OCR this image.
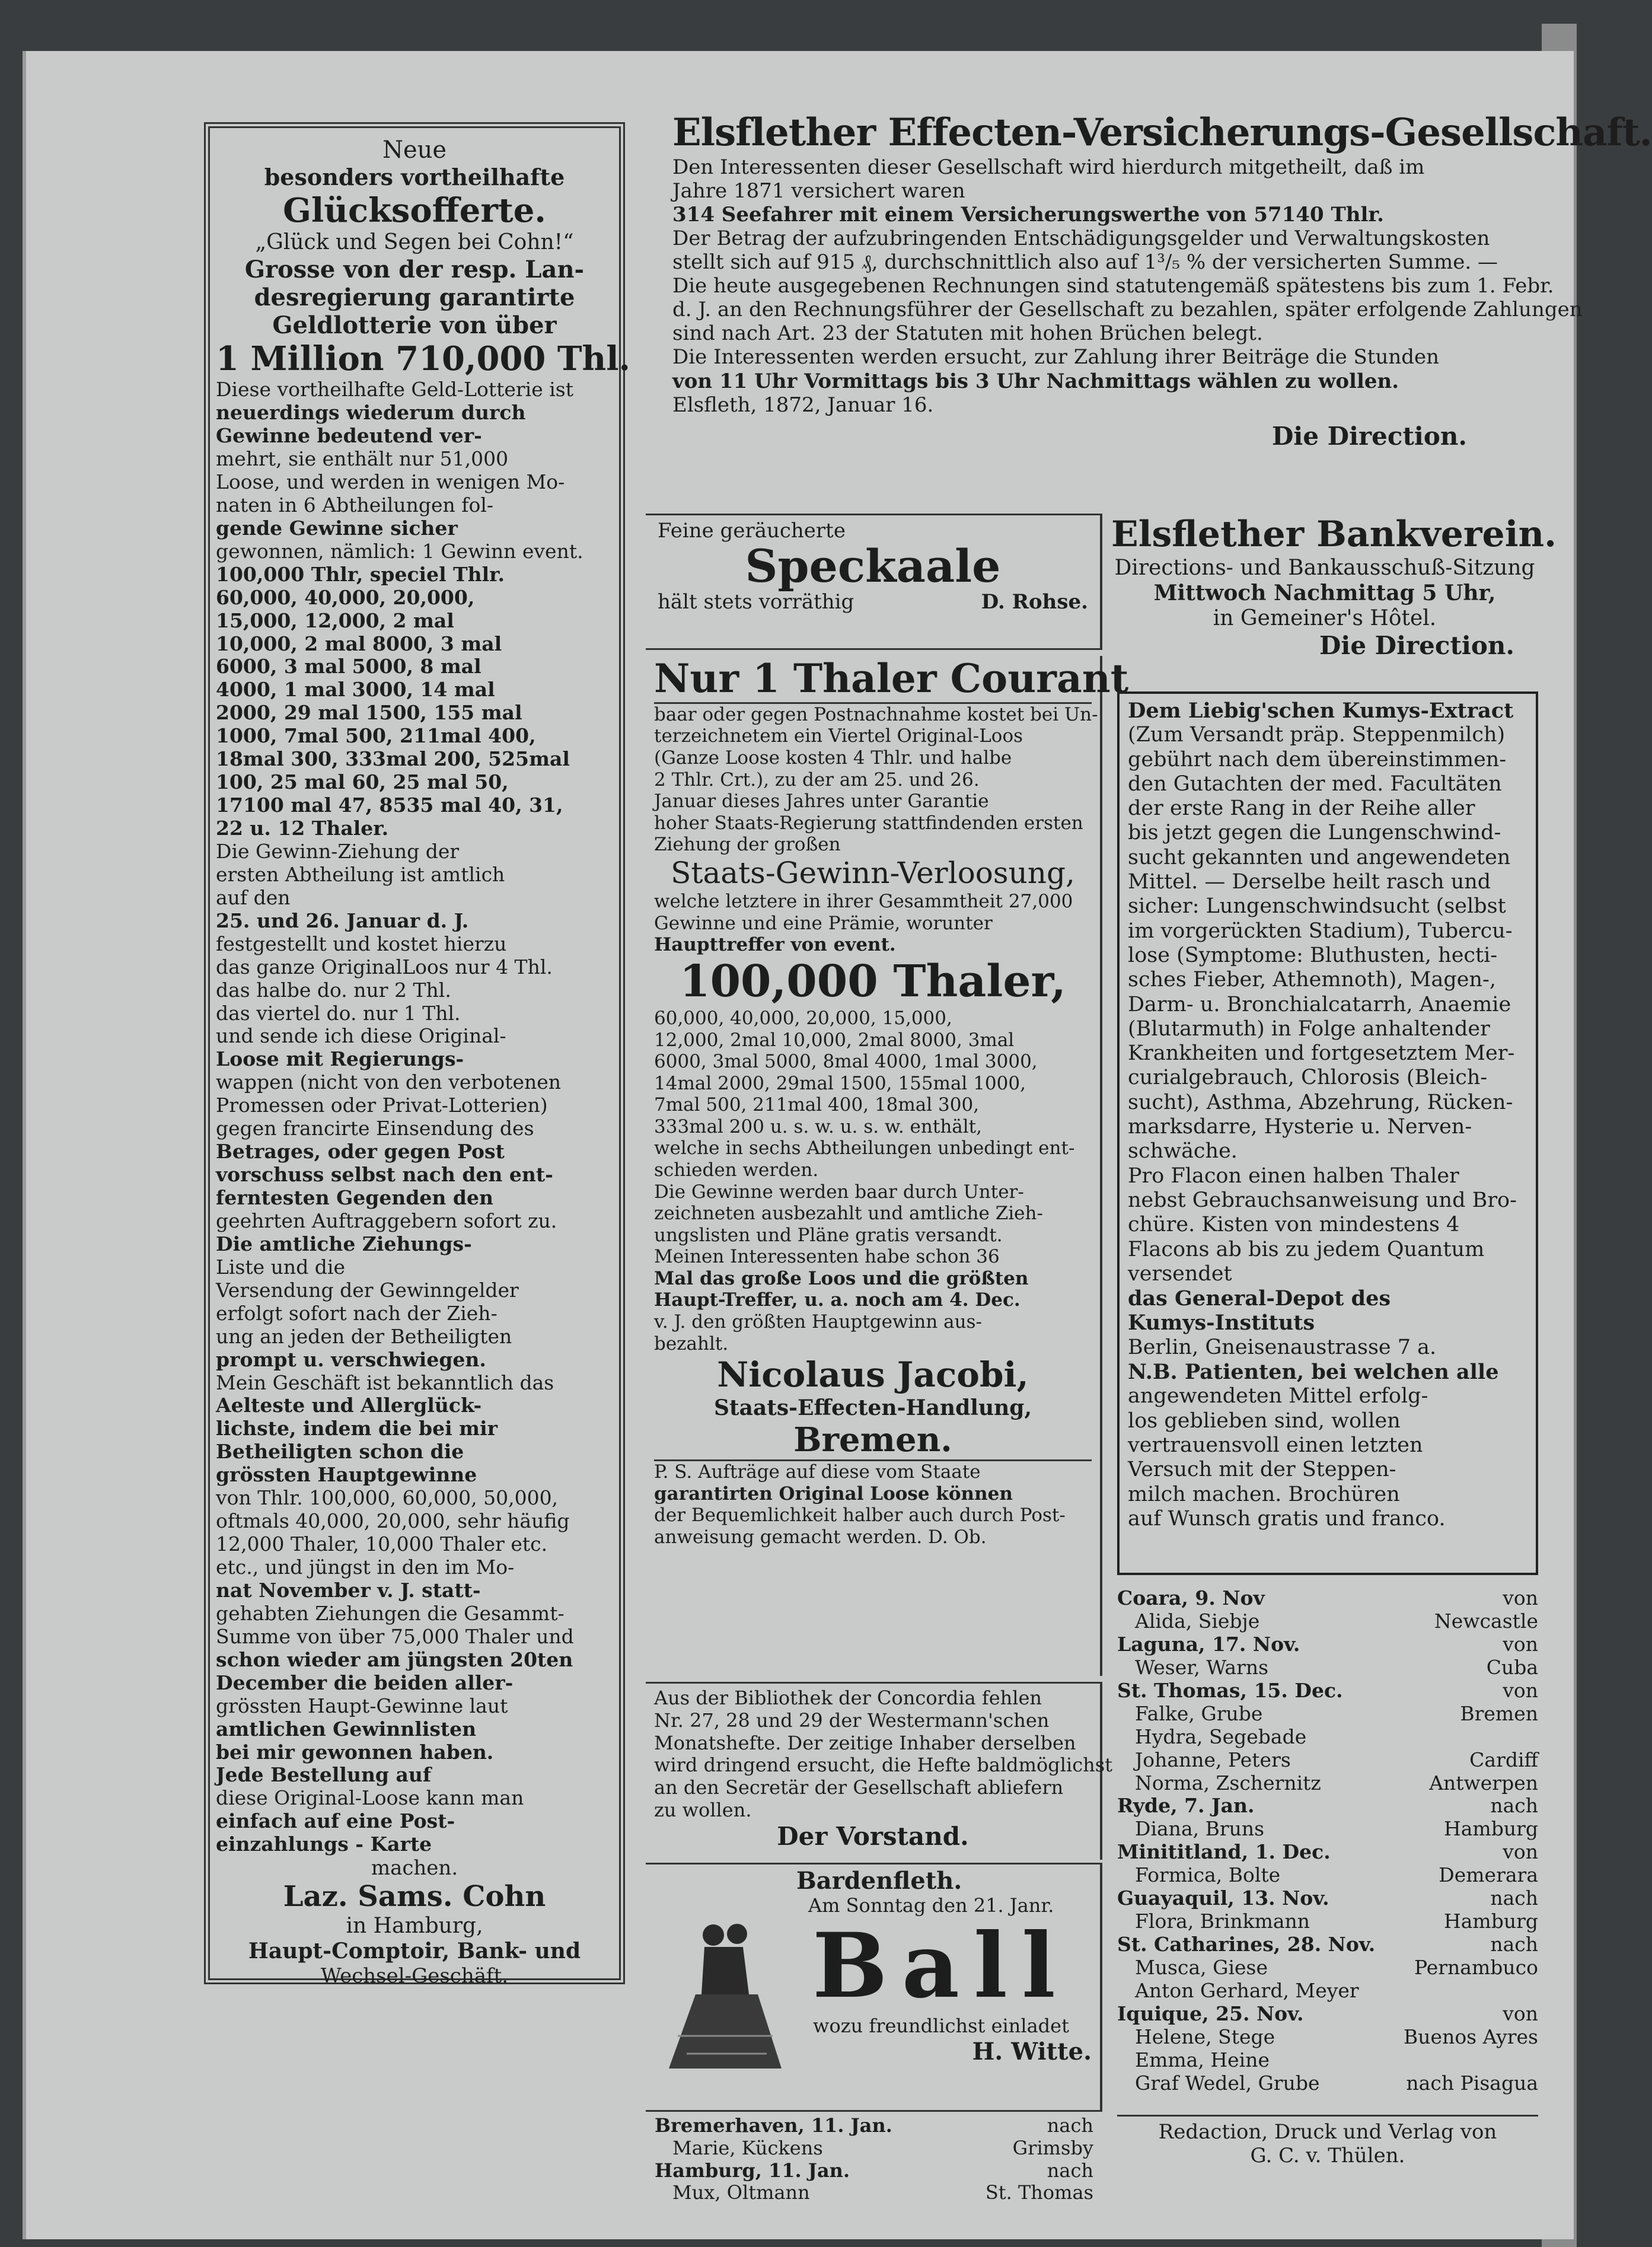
Neue
besonders vortheilhafte
Glücksofferte.
„Glück und Segen bei Cohn!“
Grosse von der resp. Lan-
desregierung garantirte
Geldlotterie von über
1 Million 710,000 Thl.
Diese vortheilhafte Geld-Lotterie ist
neuerdings wiederum durch
Gewinne bedeutend ver-
mehrt, sie enthält nur 51,000
Loose, und werden in wenigen Mo-
naten in 6 Abtheilungen fol-
gende Gewinne sicher
gewonnen, nämlich: 1 Gewinn event.
100,000 Thlr, speciel Thlr.
60,000, 40,000, 20,000,
15,000, 12,000, 2 mal
10,000, 2 mal 8000, 3 mal
6000, 3 mal 5000, 8 mal
4000, 1 mal 3000, 14 mal
2000, 29 mal 1500, 155 mal
1000, 7mal 500, 211mal 400,
18mal 300, 333mal 200, 525mal
100, 25 mal 60, 25 mal 50,
17100 mal 47, 8535 mal 40, 31,
22 u. 12 Thaler.
Die Gewinn-Ziehung der
ersten Abtheilung ist amtlich
auf den
25. und 26. Januar d. J.
festgestellt und kostet hierzu
das ganze OriginalLoos nur 4 Thl.
das halbe do. nur 2 Thl.
das viertel do. nur 1 Thl.
und sende ich diese Original-
Loose mit Regierungs-
wappen (nicht von den verbotenen
Promessen oder Privat-Lotterien)
gegen francirte Einsendung des
Betrages, oder gegen Post
vorschuss selbst nach den ent-
ferntesten Gegenden den
geehrten Auftraggebern sofort zu.
Die amtliche Ziehungs-
Liste und die
Versendung der Gewinngelder
erfolgt sofort nach der Zieh-
ung an jeden der Betheiligten
prompt u. verschwiegen.
Mein Geschäft ist bekanntlich das
Aelteste und Allerglück-
lichste, indem die bei mir
Betheiligten schon die
grössten Hauptgewinne
von Thlr. 100,000, 60,000, 50,000,
oftmals 40,000, 20,000, sehr häufig
12,000 Thaler, 10,000 Thaler etc.
etc., und jüngst in den im Mo-
nat November v. J. statt-
gehabten Ziehungen die Gesammt-
Summe von über 75,000 Thaler und
schon wieder am jüngsten 20ten
December die beiden aller-
grössten Haupt-Gewinne laut
amtlichen Gewinnlisten
bei mir gewonnen haben.
Jede Bestellung auf
diese Original-Loose kann man
einfach auf eine Post-
einzahlungs - Karte
machen.
Laz. Sams. Cohn
in Hamburg,
Haupt-Comptoir, Bank- und
Wechsel-Geschäft.
Elsflether Effecten-Versicherungs-Gesellschaft.
Den Interessenten dieser Gesellschaft wird hierdurch mitgetheilt, daß im
Jahre 1871 versichert waren
314 Seefahrer mit einem Versicherungswerthe von 57140 Thlr.
Der Betrag der aufzubringenden Entschädigungsgelder und Verwaltungskosten
stellt sich auf 915 ₰, durchschnittlich also auf 1³/₅ % der versicherten Summe. —
Die heute ausgegebenen Rechnungen sind statutengemäß spätestens bis zum 1. Febr.
d. J. an den Rechnungsführer der Gesellschaft zu bezahlen, später erfolgende Zahlungen
sind nach Art. 23 der Statuten mit hohen Brüchen belegt.
Die Interessenten werden ersucht, zur Zahlung ihrer Beiträge die Stunden
von 11 Uhr Vormittags bis 3 Uhr Nachmittags wählen zu wollen.
Elsfleth, 1872, Januar 16.
Die Direction.
Feine geräucherte
Speckaale
hält stets vorräthig	D. Rohse.
Elsflether Bankverein.
Directions- und Bankausschuß-Sitzung
Mittwoch Nachmittag 5 Uhr,
in Gemeiner's Hôtel.
Die Direction.
Nur 1 Thaler Courant
baar oder gegen Postnachnahme kostet bei Un-
terzeichnetem ein Viertel Original-Loos
(Ganze Loose kosten 4 Thlr. und halbe
2 Thlr. Crt.), zu der am 25. und 26.
Januar dieses Jahres unter Garantie
hoher Staats-Regierung stattfindenden ersten
Ziehung der großen
Staats-Gewinn-Verloosung,
welche letztere in ihrer Gesammtheit 27,000
Gewinne und eine Prämie, worunter
Haupttreffer von event.
100,000 Thaler,
60,000, 40,000, 20,000, 15,000,
12,000, 2mal 10,000, 2mal 8000, 3mal
6000, 3mal 5000, 8mal 4000, 1mal 3000,
14mal 2000, 29mal 1500, 155mal 1000,
7mal 500, 211mal 400, 18mal 300,
333mal 200 u. s. w. u. s. w. enthält,
welche in sechs Abtheilungen unbedingt ent-
schieden werden.
Die Gewinne werden baar durch Unter-
zeichneten ausbezahlt und amtliche Zieh-
ungslisten und Pläne gratis versandt.
Meinen Interessenten habe schon 36
Mal das große Loos und die größten
Haupt-Treffer, u. a. noch am 4. Dec.
v. J. den größten Hauptgewinn aus-
bezahlt.
Nicolaus Jacobi,
Staats-Effecten-Handlung,
Bremen.
P. S. Aufträge auf diese vom Staate
garantirten Original Loose können
der Bequemlichkeit halber auch durch Post-
anweisung gemacht werden. D. Ob.
Dem Liebig'schen Kumys-Extract
(Zum Versandt präp. Steppenmilch)
gebührt nach dem übereinstimmen-
den Gutachten der med. Facultäten
der erste Rang in der Reihe aller
bis jetzt gegen die Lungenschwind-
sucht gekannten und angewendeten
Mittel. — Derselbe heilt rasch und
sicher: Lungenschwindsucht (selbst
im vorgerückten Stadium), Tubercu-
lose (Symptome: Bluthusten, hecti-
sches Fieber, Athemnoth), Magen-,
Darm- u. Bronchialcatarrh, Anaemie
(Blutarmuth) in Folge anhaltender
Krankheiten und fortgesetztem Mer-
curialgebrauch, Chlorosis (Bleich-
sucht), Asthma, Abzehrung, Rücken-
marksdarre, Hysterie u. Nerven-
schwäche.
Pro Flacon einen halben Thaler
nebst Gebrauchsanweisung und Bro-
chüre. Kisten von mindestens 4
Flacons ab bis zu jedem Quantum
versendet
das General-Depot des
Kumys-Instituts
Berlin, Gneisenaustrasse 7 a.
N.B. Patienten, bei welchen alle
angewendeten Mittel erfolg-
los geblieben sind, wollen
vertrauensvoll einen letzten
Versuch mit der Steppen-
milch machen. Brochüren
auf Wunsch gratis und franco.
Aus der Bibliothek der Concordia fehlen
Nr. 27, 28 und 29 der Westermann'schen
Monatshefte. Der zeitige Inhaber derselben
wird dringend ersucht, die Hefte baldmöglichst
an den Secretär der Gesellschaft abliefern
zu wollen.
Der Vorstand.
Bardenfleth.
Am Sonntag den 21. Janr.
Ball
wozu freundlichst einladet
H. Witte.
Bremerhaven, 11. Jan.	nach
Marie, Kückens	Grimsby
Hamburg, 11. Jan.	nach
Mux, Oltmann	St. Thomas
Coara, 9. Nov	von
Alida, Siebje	Newcastle
Laguna, 17. Nov.	von
Weser, Warns	Cuba
St. Thomas, 15. Dec.	von
Falke, Grube	Bremen
Hydra, Segebade
Johanne, Peters	Cardiff
Norma, Zschernitz	Antwerpen
Ryde, 7. Jan.	nach
Diana, Bruns	Hamburg
Minititland, 1. Dec.	von
Formica, Bolte	Demerara
Guayaquil, 13. Nov.	nach
Flora, Brinkmann	Hamburg
St. Catharines, 28. Nov.	nach
Musca, Giese	Pernambuco
Anton Gerhard, Meyer
Iquique, 25. Nov.	von
Helene, Stege	Buenos Ayres
Emma, Heine
Graf Wedel, Grube	nach Pisagua
Redaction, Druck und Verlag von
G. C. v. Thülen.
